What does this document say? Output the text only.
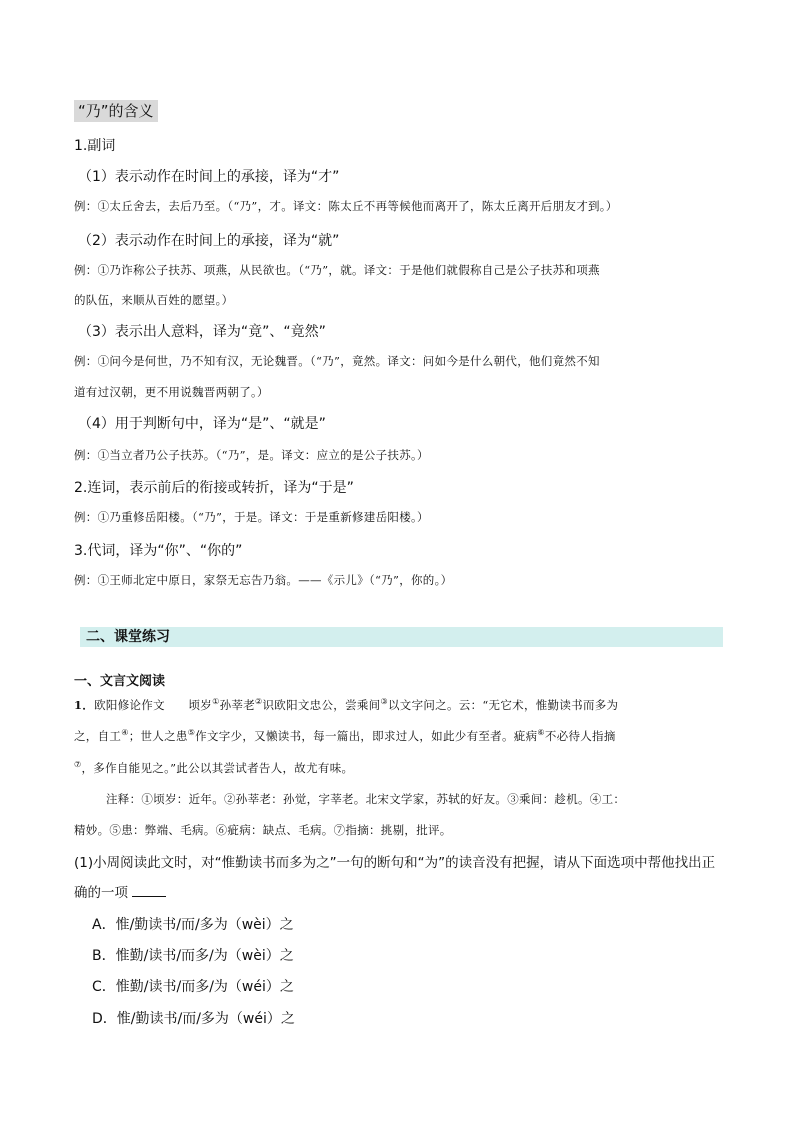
“乃”的含义
1.副词
（1）表示动作在时间上的承接，译为“才”
例：①太丘舍去，去后乃至。（“乃”，才。译文：陈太丘不再等候他而离开了，陈太丘离开后朋友才到。）
（2）表示动作在时间上的承接，译为“就”
例：①乃诈称公子扶苏、项燕，从民欲也。（“乃”，就。译文：于是他们就假称自己是公子扶苏和项燕
的队伍，来顺从百姓的愿望。）
（3）表示出人意料，译为“竟”、“竟然”
例：①问今是何世，乃不知有汉，无论魏晋。（“乃”，竟然。译文：问如今是什么朝代，他们竟然不知
道有过汉朝，更不用说魏晋两朝了。）
（4）用于判断句中，译为“是”、“就是”
例：①当立者乃公子扶苏。（“乃”，是。译文：应立的是公子扶苏。）
2.连词，表示前后的衔接或转折，译为“于是”
例：①乃重修岳阳楼。（“乃”，于是。译文：于是重新修建岳阳楼。）
3.代词，译为“你”、“你的”
例：①王师北定中原日，家祭无忘告乃翁。——《示儿》（“乃”，你的。）
二、课堂练习
一、文言文阅读
1．欧阳修论作文　　顷岁①孙莘老②识欧阳文忠公，尝乘间③以文字问之。云：“无它术，惟勤读书而多为
之，自工④；世人之患⑤作文字少，又懒读书，每一篇出，即求过人，如此少有至者。疵病⑥不必待人指摘
⑦，多作自能见之。”此公以其尝试者告人，故尤有味。
注释：①顷岁：近年。②孙莘老：孙觉，字莘老。北宋文学家，苏轼的好友。③乘间：趁机。④工：
精妙。⑤患：弊端、毛病。⑥疵病：缺点、毛病。⑦指摘：挑剔，批评。
(1)小周阅读此文时，对“惟勤读书而多为之”一句的断句和“为”的读音没有把握，请从下面选项中帮他找出正
确的一项
A．惟/勤读书/而/多为（wèi）之
B．惟勤/读书/而多/为（wèi）之
C．惟勤/读书/而多/为（wéi）之
D．惟/勤读书/而/多为（wéi）之
